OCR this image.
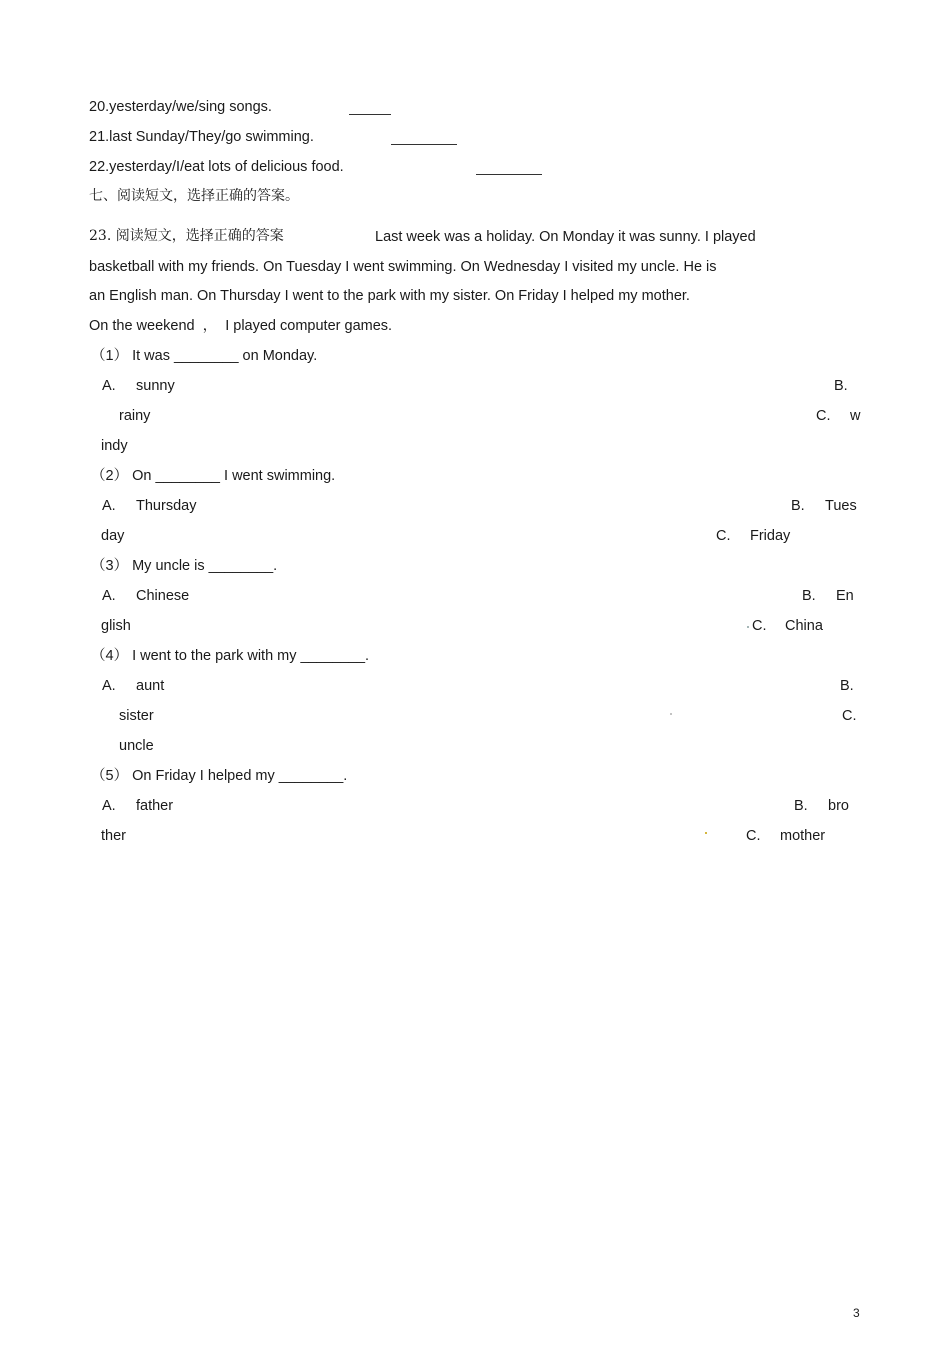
20.yesterday/we/sing songs.
21.last Sunday/They/go swimming.
22.yesterday/I/eat lots of delicious food.
七、阅读短文，选择正确的答案。
23. 阅读短文，选择正确的答案	Last week was a holiday. On Monday it was sunny. I played
basketball with my friends. On Tuesday I went swimming. On Wednesday I visited my uncle. He is
an English man. On Thursday I went to the park with my sister. On Friday I helped my mother.
On the weekend  ，  I played computer games.
（1） It was ________ on Monday.
A. sunny	B.
rainy	C. w
indy
（2） On ________ I went swimming.
A. Thursday	B. Tues
day	C. Friday
（3） My uncle is ________.
A. Chinese	B. En
glish	C. China
（4） I went to the park with my ________.
A. aunt	B.
sister	C.
uncle
（5） On Friday I helped my ________.
A. father	B. bro
ther	C. mother
3
